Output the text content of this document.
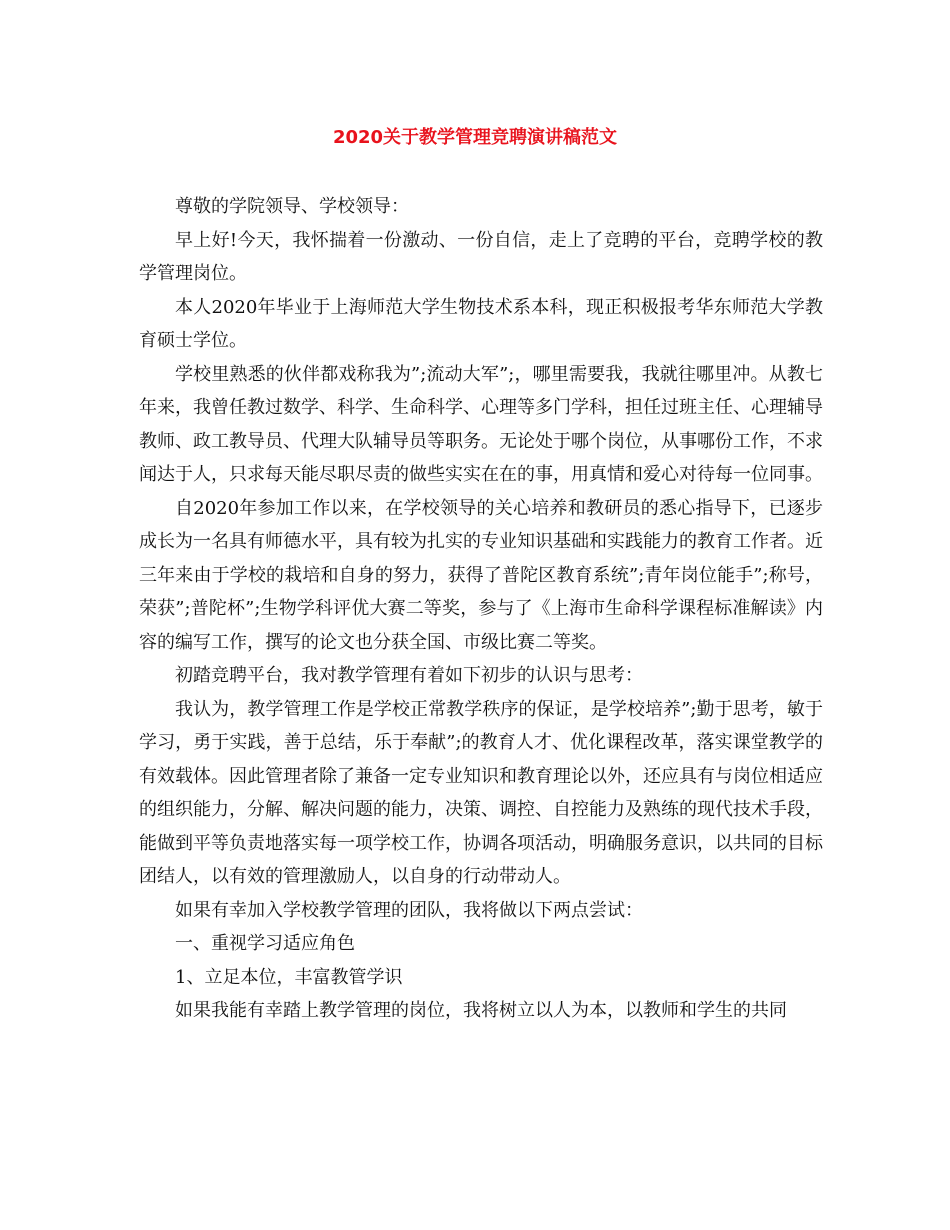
2020关于教学管理竞聘演讲稿范文

尊敬的学院领导、学校领导：

早上好!今天，我怀揣着一份激动、一份自信，走上了竞聘的平台，竞聘学校的教学管理岗位。

本人2020年毕业于上海师范大学生物技术系本科，现正积极报考华东师范大学教育硕士学位。

学校里熟悉的伙伴都戏称我为”;流动大军”;，哪里需要我，我就往哪里冲。从教七年来，我曾任教过数学、科学、生命科学、心理等多门学科，担任过班主任、心理辅导教师、政工教导员、代理大队辅导员等职务。无论处于哪个岗位，从事哪份工作，不求闻达于人，只求每天能尽职尽责的做些实实在在的事，用真情和爱心对待每一位同事。

自2020年参加工作以来，在学校领导的关心培养和教研员的悉心指导下，已逐步成长为一名具有师德水平，具有较为扎实的专业知识基础和实践能力的教育工作者。近三年来由于学校的栽培和自身的努力，获得了普陀区教育系统”;青年岗位能手”;称号，荣获”;普陀杯”;生物学科评优大赛二等奖，参与了《上海市生命科学课程标准解读》内容的编写工作，撰写的论文也分获全国、市级比赛二等奖。

初踏竞聘平台，我对教学管理有着如下初步的认识与思考：

我认为，教学管理工作是学校正常教学秩序的保证，是学校培养”;勤于思考，敏于学习，勇于实践，善于总结，乐于奉献”;的教育人才、优化课程改革，落实课堂教学的有效载体。因此管理者除了兼备一定专业知识和教育理论以外，还应具有与岗位相适应的组织能力，分解、解决问题的能力，决策、调控、自控能力及熟练的现代技术手段，能做到平等负责地落实每一项学校工作，协调各项活动，明确服务意识，以共同的目标团结人，以有效的管理激励人，以自身的行动带动人。

如果有幸加入学校教学管理的团队，我将做以下两点尝试：

一、重视学习适应角色

1、立足本位，丰富教管学识

如果我能有幸踏上教学管理的岗位，我将树立以人为本，以教师和学生的共同
